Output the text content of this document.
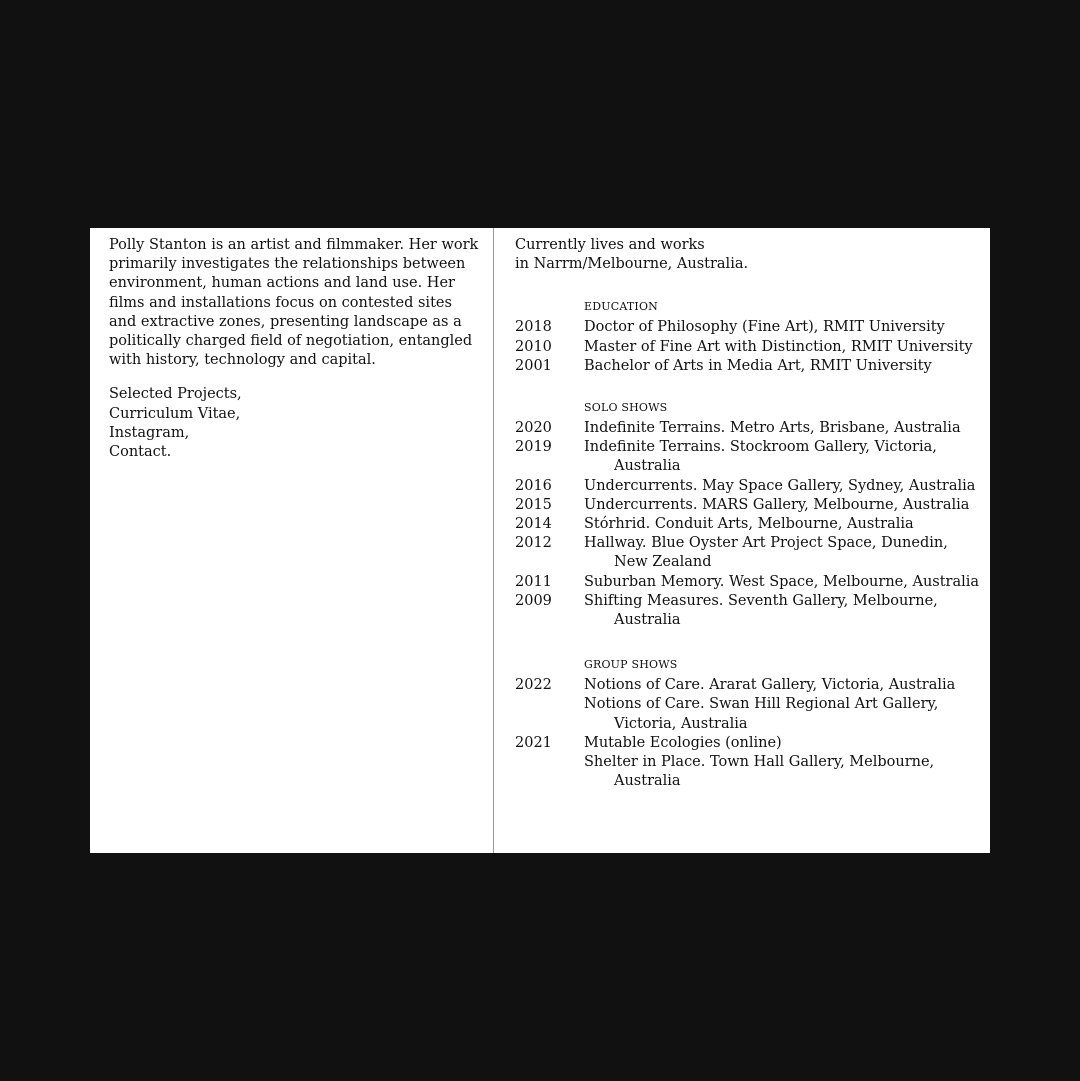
Polly Stanton is an artist and filmmaker. Her work primarily investigates the relationships between environment, human actions and land use. Her films and installations focus on contested sites and extractive zones, presenting landscape as a politically charged field of negotiation, entangled with history, technology and capital.

Selected Projects,
Curriculum Vitae,
Instagram,
Contact.

Currently lives and works
in Narrm/Melbourne, Australia.

EDUCATION
2018	Doctor of Philosophy (Fine Art), RMIT University
2010	Master of Fine Art with Distinction, RMIT University
2001	Bachelor of Arts in Media Art, RMIT University
SOLO SHOWS
2020	Indefinite Terrains. Metro Arts, Brisbane, Australia
2019	Indefinite Terrains. Stockroom Gallery, Victoria, Australia
2016	Undercurrents. May Space Gallery, Sydney, Australia
2015	Undercurrents. MARS Gallery, Melbourne, Australia
2014	Stórhrid. Conduit Arts, Melbourne, Australia
2012	Hallway. Blue Oyster Art Project Space, Dunedin, New Zealand
2011	Suburban Memory. West Space, Melbourne, Australia
2009	Shifting Measures. Seventh Gallery, Melbourne, Australia
GROUP SHOWS
2022	Notions of Care. Ararat Gallery, Victoria, Australia
Notions of Care. Swan Hill Regional Art Gallery, Victoria, Australia
2021	Mutable Ecologies (online)
Shelter in Place. Town Hall Gallery, Melbourne, Australia
